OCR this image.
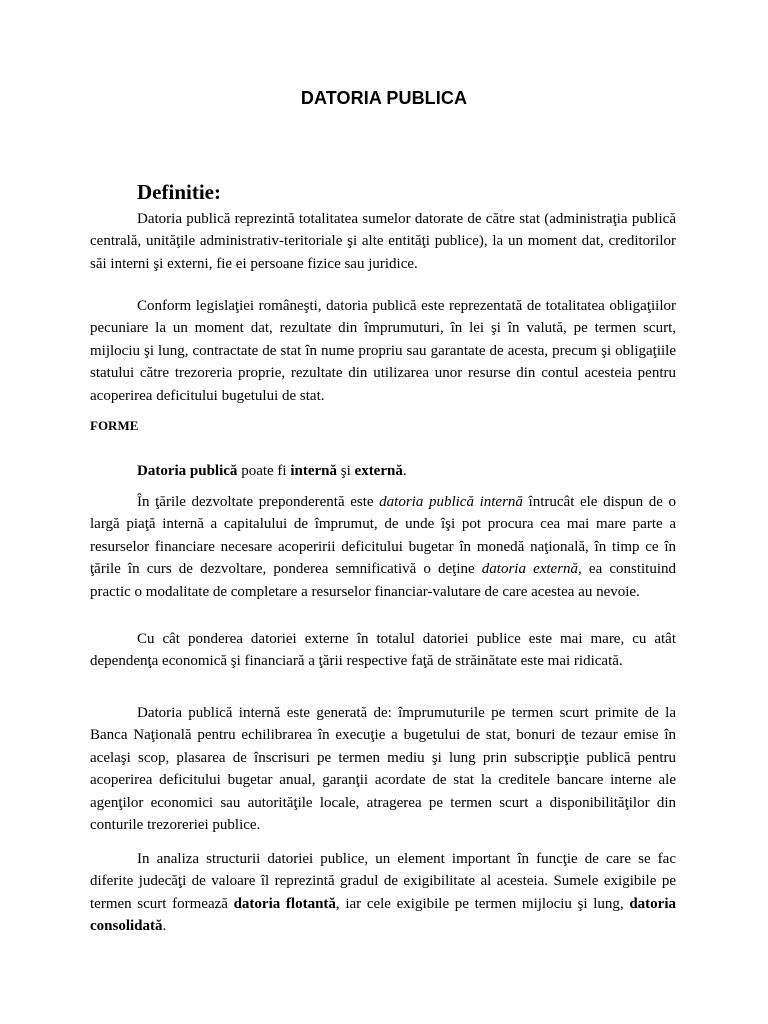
DATORIA PUBLICA
Definitie:

Datoria publică reprezintă totalitatea sumelor datorate de către stat (administraţia publică centrală, unităţile administrativ-teritoriale şi alte entităţi publice), la un moment dat, creditorilor săi interni şi externi, fie ei persoane fizice sau juridice.

Conform legislaţiei româneşti, datoria publică este reprezentată de totalitatea obligaţiilor pecuniare la un moment dat, rezultate din împrumuturi, în lei şi în valută, pe termen scurt, mijlociu şi lung, contractate de stat în nume propriu sau garantate de acesta, precum şi obligaţiile statului către trezoreria proprie, rezultate din utilizarea unor resurse din contul acesteia pentru acoperirea deficitului bugetului de stat.

FORME

Datoria publică poate fi internă şi externă.

În ţările dezvoltate preponderentă este datoria publică internă întrucât ele dispun de o largă piaţă internă a capitalului de împrumut, de unde îşi pot procura cea mai mare parte a resurselor financiare necesare acoperirii deficitului bugetar în monedă naţională, în timp ce în ţările în curs de dezvoltare, ponderea semnificativă o deţine datoria externă, ea constituind practic o modalitate de completare a resurselor financiar-valutare de care acestea au nevoie.

Cu cât ponderea datoriei externe în totalul datoriei publice este mai mare, cu atât dependenţa economică şi financiară a ţării respective faţă de străinătate este mai ridicată.

Datoria publică internă este generată de: împrumuturile pe termen scurt primite de la Banca Naţională pentru echilibrarea în execuţie a bugetului de stat, bonuri de tezaur emise în acelaşi scop, plasarea de înscrisuri pe termen mediu şi lung prin subscripţie publică pentru acoperirea deficitului bugetar anual, garanţii acordate de stat la creditele bancare interne ale agenţilor economici sau autorităţile locale, atragerea pe termen scurt a disponibilităţilor din conturile trezoreriei publice.

In analiza structurii datoriei publice, un element important în funcţie de care se fac diferite judecăţi de valoare îl reprezintă gradul de exigibilitate al acesteia. Sumele exigibile pe termen scurt formează datoria flotantă, iar cele exigibile pe termen mijlociu şi lung, datoria consolidată.
